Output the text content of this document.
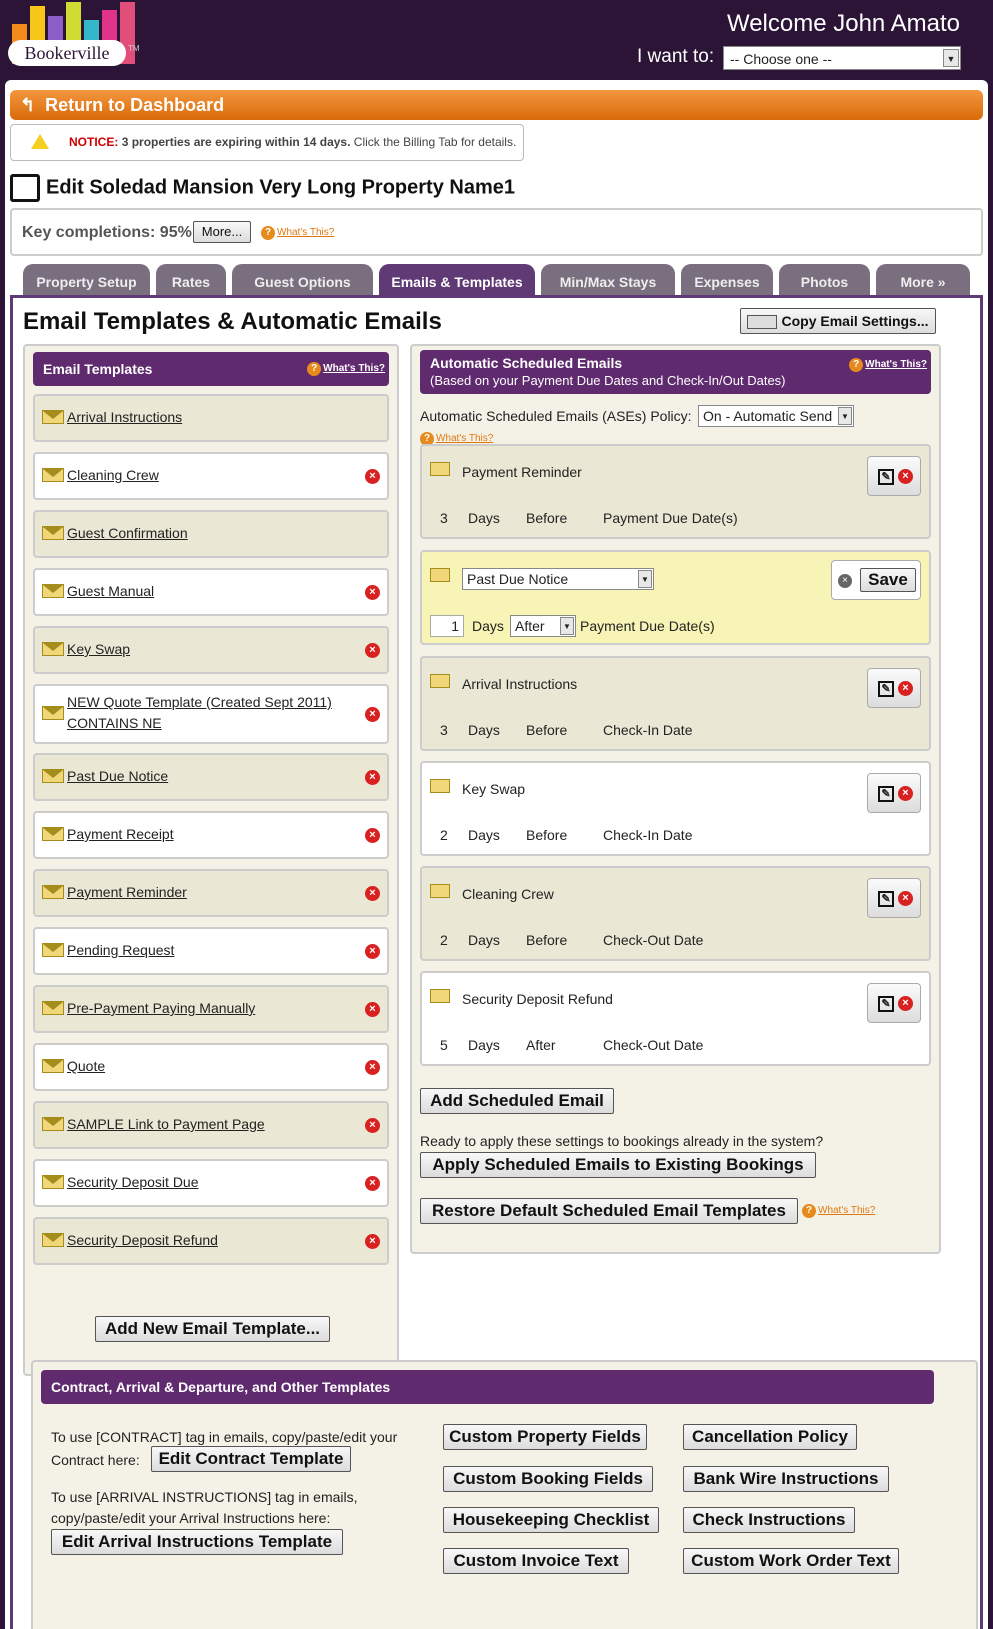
Bookerville	TM
Welcome John Amato
I want to:	-- Choose one --	▼
↰ Return to Dashboard
NOTICE: 3 properties are expiring within 14 days. Click the Billing Tab for details.
Edit Soledad Mansion Very Long Property Name1
Key completions: 95% More...	? What's This?
Property Setup	Rates	Guest Options	Emails & Templates	Min/Max Stays	Expenses	Photos	More »
Email Templates & Automatic Emails	Copy Email Settings...
Email Templates	? What's This?
Arrival Instructions
Cleaning Crew	×
Guest Confirmation
Guest Manual	×
Key Swap	×
NEW Quote Template (Created Sept 2011) CONTAINS NE
×
Past Due Notice	×
Payment Receipt	×
Payment Reminder	×
Pending Request	×
Pre-Payment Paying Manually	×
Quote	×
SAMPLE Link to Payment Page	×
Security Deposit Due	×
Security Deposit Refund	×
Add New Email Template...
Automatic Scheduled Emails
(Based on your Payment Due Dates and Check-In/Out Dates)
? What's This?
Automatic Scheduled Emails (ASEs) Policy: On - Automatic Send	▼
? What's This?
Payment Reminder
3 Days Before	Payment Due Date(s)
✎	×
Past Due Notice	▼
1 Days After	▼ Payment Due Date(s)
×	Save
Arrival Instructions
3 Days Before	Check-In Date
✎	×
Key Swap
2 Days Before	Check-In Date
✎	×
Cleaning Crew
2 Days Before	Check-Out Date
✎	×
Security Deposit Refund
5 Days After	Check-Out Date
✎	×
Add Scheduled Email
Ready to apply these settings to bookings already in the system?
Apply Scheduled Emails to Existing Bookings
Restore Default Scheduled Email Templates	? What's This?
Contract, Arrival & Departure, and Other Templates
To use [CONTRACT] tag in emails, copy/paste/edit your Contract here:	Edit Contract Template
To use [ARRIVAL INSTRUCTIONS] tag in emails, copy/paste/edit your Arrival Instructions here:
Edit Arrival Instructions Template
Custom Property Fields	Cancellation Policy
Custom Booking Fields	Bank Wire Instructions
Housekeeping Checklist	Check Instructions
Custom Invoice Text	Custom Work Order Text
